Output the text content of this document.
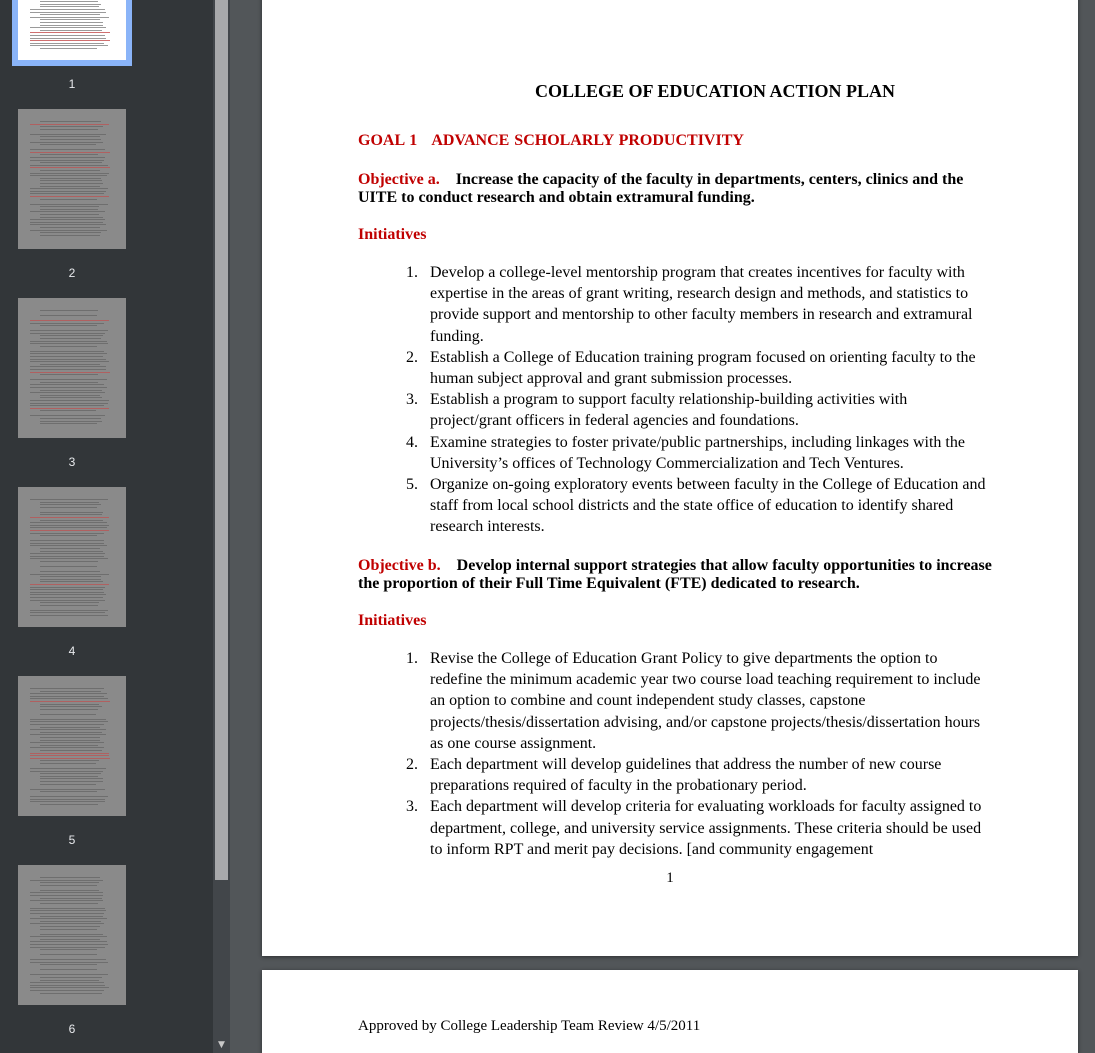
1
2
3
4
5
6
▼
COLLEGE OF EDUCATION ACTION PLAN
GOAL 1   ADVANCE SCHOLARLY PRODUCTIVITY
Objective a. Increase the capacity of the faculty in departments, centers, clinics and the UITE to conduct research and obtain extramural funding.
Initiatives
1. Develop a college-level mentorship program that creates incentives for faculty with expertise in the areas of grant writing, research design and methods, and statistics to provide support and mentorship to other faculty members in research and extramural funding.
2. Establish a College of Education training program focused on orienting faculty to the human subject approval and grant submission processes.
3. Establish a program to support faculty relationship-building activities with project/grant officers in federal agencies and foundations.
4. Examine strategies to foster private/public partnerships, including linkages with the University’s offices of Technology Commercialization and Tech Ventures.
5. Organize on-going exploratory events between faculty in the College of Education and staff from local school districts and the state office of education to identify shared research interests.
Objective b. Develop internal support strategies that allow faculty opportunities to increase the proportion of their Full Time Equivalent (FTE) dedicated to research.
Initiatives
1. Revise the College of Education Grant Policy to give departments the option to redefine the minimum academic year two course load teaching requirement to include an option to combine and count independent study classes, capstone projects/thesis/dissertation advising, and/or capstone projects/thesis/dissertation hours as one course assignment.
2. Each department will develop guidelines that address the number of new course preparations required of faculty in the probationary period.
3. Each department will develop criteria for evaluating workloads for faculty assigned to department, college, and university service assignments. These criteria should be used to inform RPT and merit pay decisions. [and community engagement
1
Approved by College Leadership Team Review 4/5/2011
